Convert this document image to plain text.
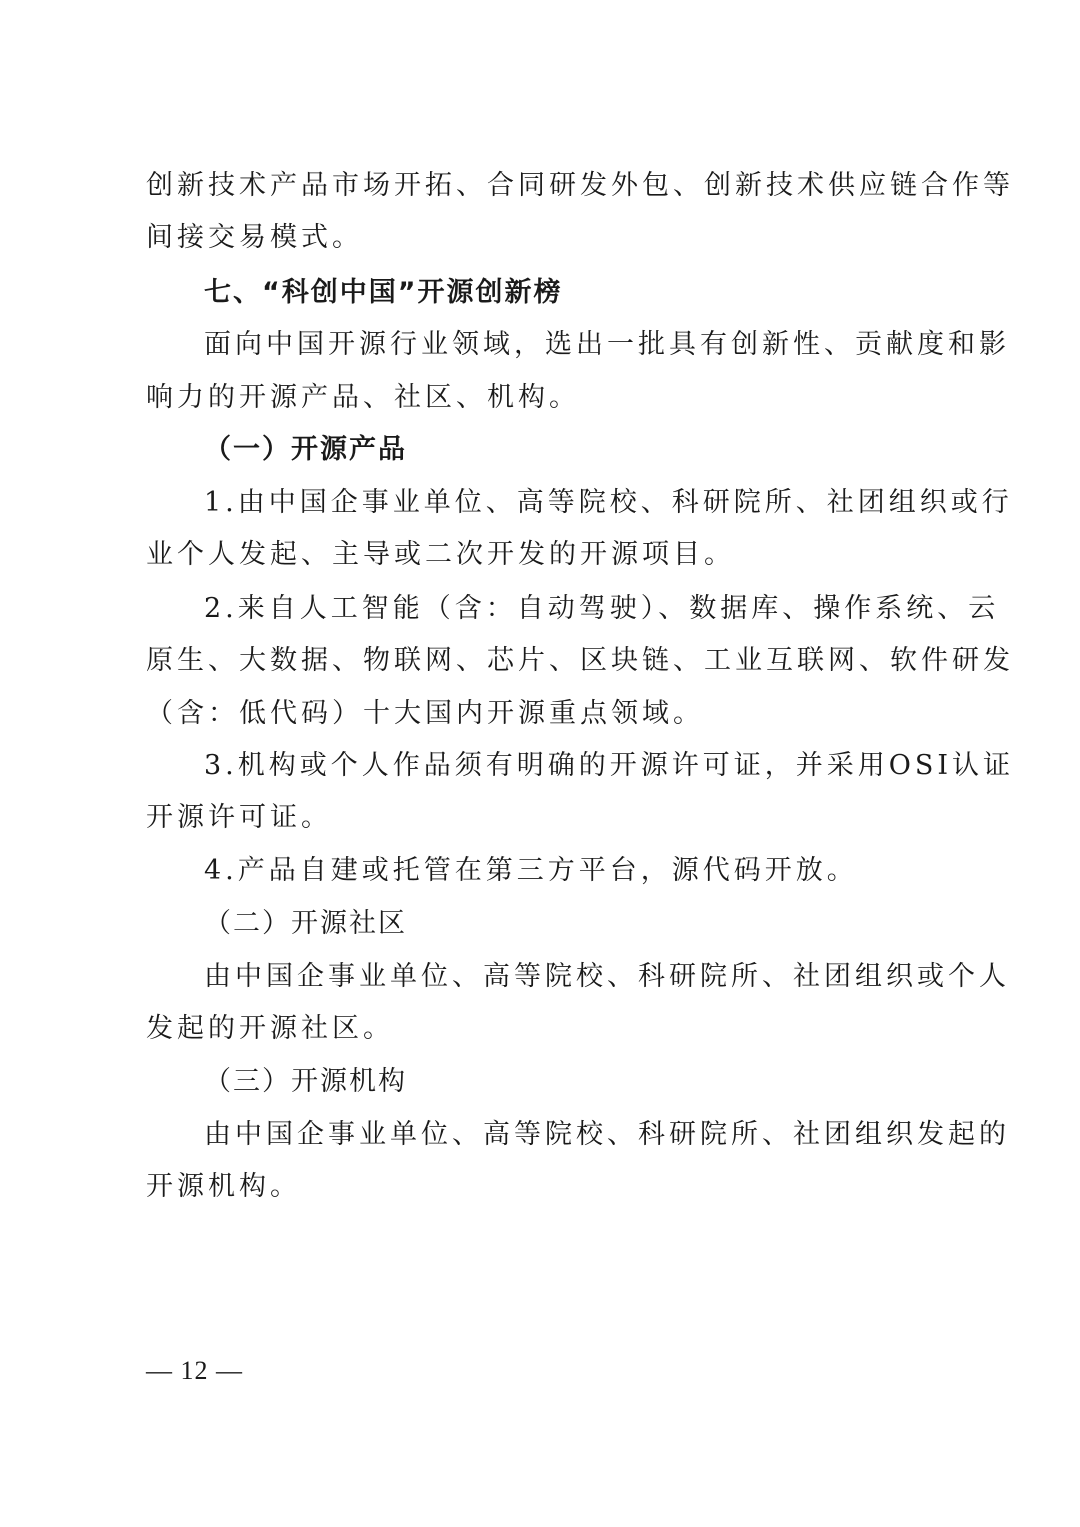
创新技术产品市场开拓、合同研发外包、创新技术供应链合作等
间接交易模式。
七、“科创中国”开源创新榜
面向中国开源行业领域，选出一批具有创新性、贡献度和影
响力的开源产品、社区、机构。
（一）开源产品
1.由中国企事业单位、高等院校、科研院所、社团组织或行
业个人发起、主导或二次开发的开源项目。
2.来自人工智能（含：自动驾驶）、数据库、操作系统、云
原生、大数据、物联网、芯片、区块链、工业互联网、软件研发
（含：低代码）十大国内开源重点领域。
3.机构或个人作品须有明确的开源许可证，并采用OSI认证
开源许可证。
4.产品自建或托管在第三方平台，源代码开放。
（二）开源社区
由中国企事业单位、高等院校、科研院所、社团组织或个人
发起的开源社区。
（三）开源机构
由中国企事业单位、高等院校、科研院所、社团组织发起的
开源机构。
— 12 —
